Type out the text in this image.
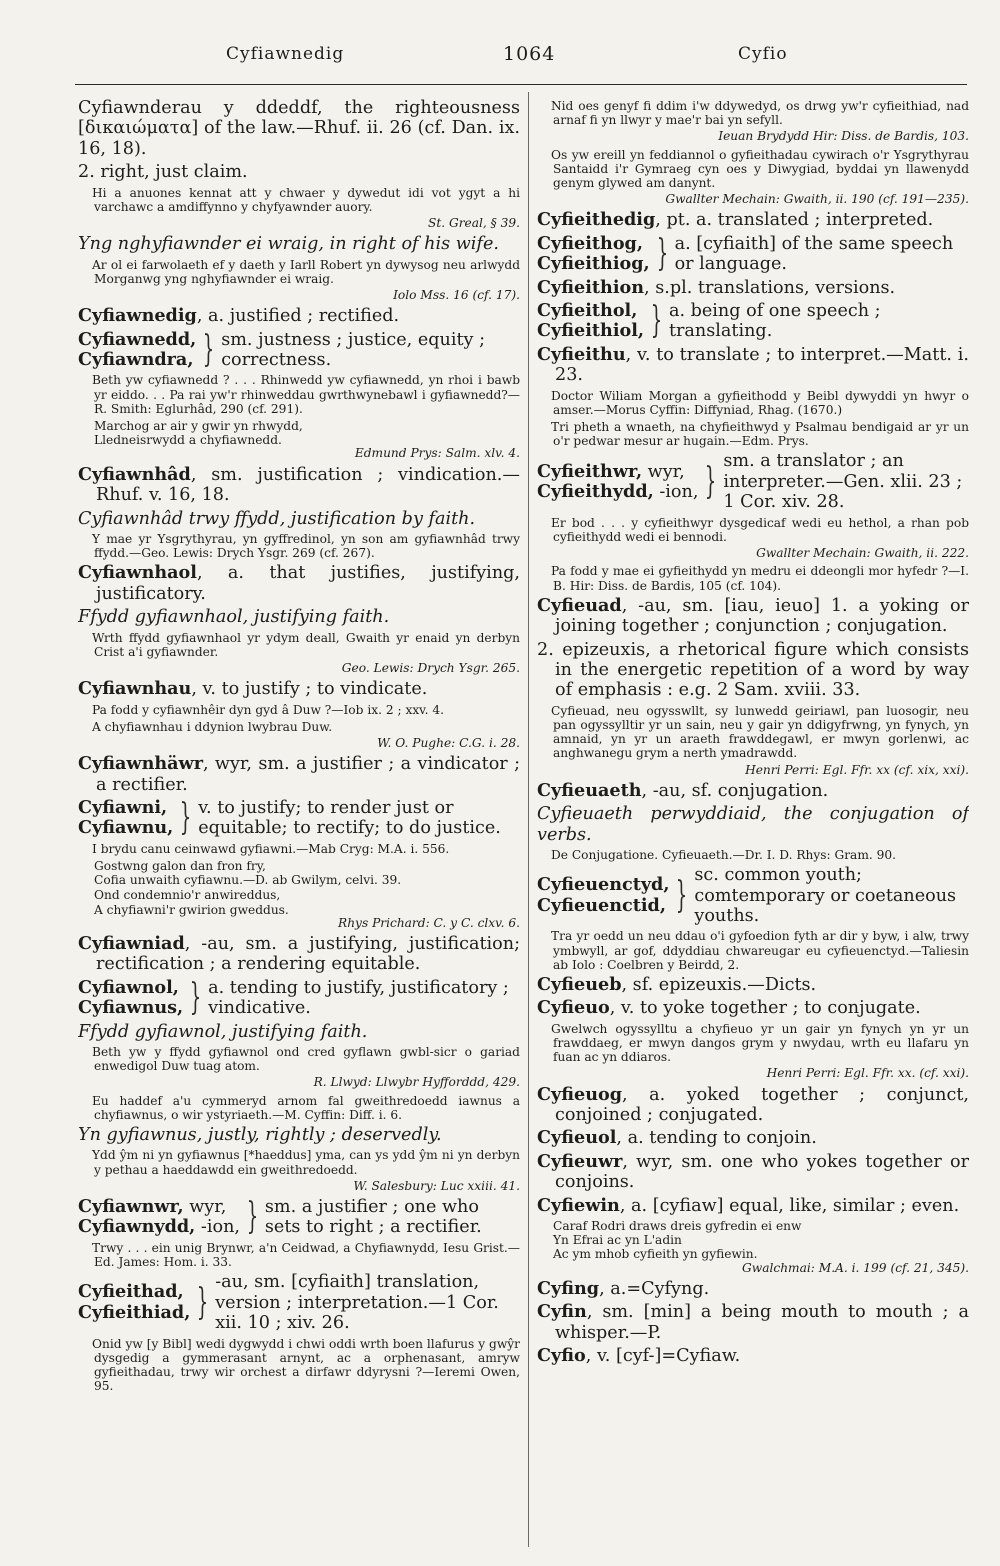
Cyfiawnedig	1064	Cyfio

Cyfiawnderau y ddeddf, the righteousness [δικαιώματα] of the law.—Rhuf. ii. 26 (cf. Dan. ix. 16, 18).

2. right, just claim.

Hi a anuones kennat att y chwaer y dywedut idi vot ygyt a hi varchawc a amdiffynno y chyfyawnder auory.

St. Greal, § 39.

Yng nghyfiawnder ei wraig, in right of his wife.

Ar ol ei farwolaeth ef y daeth y Iarll Robert yn dywysog neu arlwydd Morganwg yng nghyfiawnder ei wraig.

Iolo Mss. 16 (cf. 17).

Cyfiawnedig, a. justified ; rectified.

Cyfiawnedd,
Cyfiawndra, } sm. justness ; justice, equity ; correctness.

Beth yw cyfiawnedd ? . . . Rhinwedd yw cyfiawnedd, yn rhoi i bawb yr eiddo. . . Pa rai yw'r rhinweddau gwrthwynebawl i gyfiawnedd?—R. Smith: Eglurhâd, 290 (cf. 291).

Marchog ar air y gwir yn rhwydd,
Lledneisrwydd a chyfiawnedd.

Edmund Prys: Salm. xlv. 4.

Cyfiawnhâd, sm. justification ; vindication.—Rhuf. v. 16, 18.

Cyfiawnhâd trwy ffydd, justification by faith.

Y mae yr Ysgrythyrau, yn gyffredinol, yn son am gyfiawnhâd trwy ffydd.—Geo. Lewis: Drych Ysgr. 269 (cf. 267).

Cyfiawnhaol, a. that justifies, justifying, justificatory.

Ffydd gyfiawnhaol, justifying faith.

Wrth ffydd gyfiawnhaol yr ydym deall, Gwaith yr enaid yn derbyn Crist a'i gyfiawnder.

Geo. Lewis: Drych Ysgr. 265.

Cyfiawnhau, v. to justify ; to vindicate.

Pa fodd y cyfiawnhêir dyn gyd â Duw ?—Iob ix. 2 ; xxv. 4.

A chyfiawnhau i ddynion lwybrau Duw.

W. O. Pughe: C.G. i. 28.

Cyfiawnhäwr, wyr, sm. a justifier ; a vindicator ; a rectifier.

Cyfiawni,
Cyfiawnu, } v. to justify; to render just or equitable; to rectify; to do justice.

I brydu canu ceinwawd gyfiawni.—Mab Cryg: M.A. i. 556.

Gostwng galon dan fron fry,
Cofia unwaith cyfiawnu.—D. ab Gwilym, celvi. 39.
Ond condemnio'r anwireddus,
A chyfiawni'r gwirion gweddus.

Rhys Prichard: C. y C. clxv. 6.

Cyfiawniad, -au, sm. a justifying, justification; rectification ; a rendering equitable.

Cyfiawnol,
Cyfiawnus, } a. tending to justify, justificatory ; vindicative.

Ffydd gyfiawnol, justifying faith.

Beth yw y ffydd gyfiawnol ond cred gyflawn gwbl-sicr o gariad enwedigol Duw tuag atom.

R. Llwyd: Llwybr Hyfforddd, 429.

Eu haddef a'u cymmeryd arnom fal gweithredoedd iawnus a chyfiawnus, o wir ystyriaeth.—M. Cyffin: Diff. i. 6.

Yn gyfiawnus, justly, rightly ; deservedly.

Ydd ŷm ni yn gyfiawnus [*haeddus] yma, can ys ydd ŷm ni yn derbyn y pethau a haeddawdd ein gweithredoedd.

W. Salesbury: Luc xxiii. 41.

Cyfiawnwr, wyr,
Cyfiawnydd, -ion, } sm. a justifier ; one who sets to right ; a rectifier.

Trwy . . . ein unig Brynwr, a'n Ceidwad, a Chyfiawnydd, Iesu Grist.—Ed. James: Hom. i. 33.

Cyfieithad,
Cyfieithiad, } -au, sm. [cyfiaith] translation, version ; interpretation.—1 Cor. xii. 10 ; xiv. 26.

Onid yw [y Bibl] wedi dygwydd i chwi oddi wrth boen llafurus y gwŷr dysgedig a gymmerasant arnynt, ac a orphenasant, amryw gyfieithadau, trwy wir orchest a dirfawr ddyrysni ?—Ieremi Owen, 95.

Nid oes genyf fi ddim i'w ddywedyd, os drwg yw'r cyfieithiad, nad arnaf fi yn llwyr y mae'r bai yn sefyll.

Ieuan Brydydd Hir: Diss. de Bardis, 103.

Os yw ereill yn feddiannol o gyfieithadau cywirach o'r Ysgrythyrau Santaidd i'r Gymraeg cyn oes y Diwygiad, byddai yn llawenydd genym glywed am danynt.

Gwallter Mechain: Gwaith, ii. 190 (cf. 191—235).

Cyfieithedig, pt. a. translated ; interpreted.

Cyfieithog,
Cyfieithiog, } a. [cyfiaith] of the same speech or language.

Cyfieithion, s.pl. translations, versions.

Cyfieithol,
Cyfieithiol, } a. being of one speech ; translating.

Cyfieithu, v. to translate ; to interpret.—Matt. i. 23.

Doctor Wiliam Morgan a gyfieithodd y Beibl dywyddi yn hwyr o amser.—Morus Cyffin: Diffyniad, Rhag. (1670.)

Tri pheth a wnaeth, na chyfieithwyd y Psalmau bendigaid ar yr un o'r pedwar mesur ar hugain.—Edm. Prys.

Cyfieithwr, wyr,
Cyfieithydd, -ion, } sm. a translator ; an interpreter.—Gen. xlii. 23 ; 1 Cor. xiv. 28.

Er bod . . . y cyfieithwyr dysgedicaf wedi eu hethol, a rhan pob cyfieithydd wedi ei bennodi.

Gwallter Mechain: Gwaith, ii. 222.

Pa fodd y mae ei gyfieithydd yn medru ei ddeongli mor hyfedr ?—I. B. Hir: Diss. de Bardis, 105 (cf. 104).

Cyfieuad, -au, sm. [iau, ieuo] 1. a yoking or joining together ; conjunction ; conjugation.

2. epizeuxis, a rhetorical figure which consists in the energetic repetition of a word by way of emphasis : e.g. 2 Sam. xviii. 33.

Cyfieuad, neu ogysswllt, sy lunwedd geiriawl, pan luosogir, neu pan ogyssylltir yr un sain, neu y gair yn ddigyfrwng, yn fynych, yn amnaid, yn yr un araeth frawddegawl, er mwyn gorlenwi, ac anghwanegu grym a nerth ymadrawdd.

Henri Perri: Egl. Ffr. xx (cf. xix, xxi).

Cyfieuaeth, -au, sf. conjugation.

Cyfieuaeth perwyddiaid, the conjugation of verbs.

De Conjugatione. Cyfieuaeth.—Dr. I. D. Rhys: Gram. 90.

Cyfieuenctyd,
Cyfieuenctid, } sc. common youth; comtemporary or coetaneous youths.

Tra yr oedd un neu ddau o'i gyfoedion fyth ar dir y byw, i alw, trwy ymbwyll, ar gof, ddyddiau chwareugar eu cyfieuenctyd.—Taliesin ab Iolo : Coelbren y Beirdd, 2.

Cyfieueb, sf. epizeuxis.—Dicts.

Cyfieuo, v. to yoke together ; to conjugate.

Gwelwch ogyssylltu a chyfieuo yr un gair yn fynych yn yr un frawddaeg, er mwyn dangos grym y nwydau, wrth eu llafaru yn fuan ac yn ddiaros.

Henri Perri: Egl. Ffr. xx. (cf. xxi).

Cyfieuog, a. yoked together ; conjunct, conjoined ; conjugated.

Cyfieuol, a. tending to conjoin.

Cyfieuwr, wyr, sm. one who yokes together or conjoins.

Cyfiewin, a. [cyfiaw] equal, like, similar ; even.

Caraf Rodri draws dreis gyfredin ei enw
Yn Efrai ac yn L'adin
Ac ym mhob cyfieith yn gyfiewin.

Gwalchmai: M.A. i. 199 (cf. 21, 345).

Cyfing, a.=Cyfyng.

Cyfin, sm. [min] a being mouth to mouth ; a whisper.—P.

Cyfio, v. [cyf-]=Cyfiaw.
